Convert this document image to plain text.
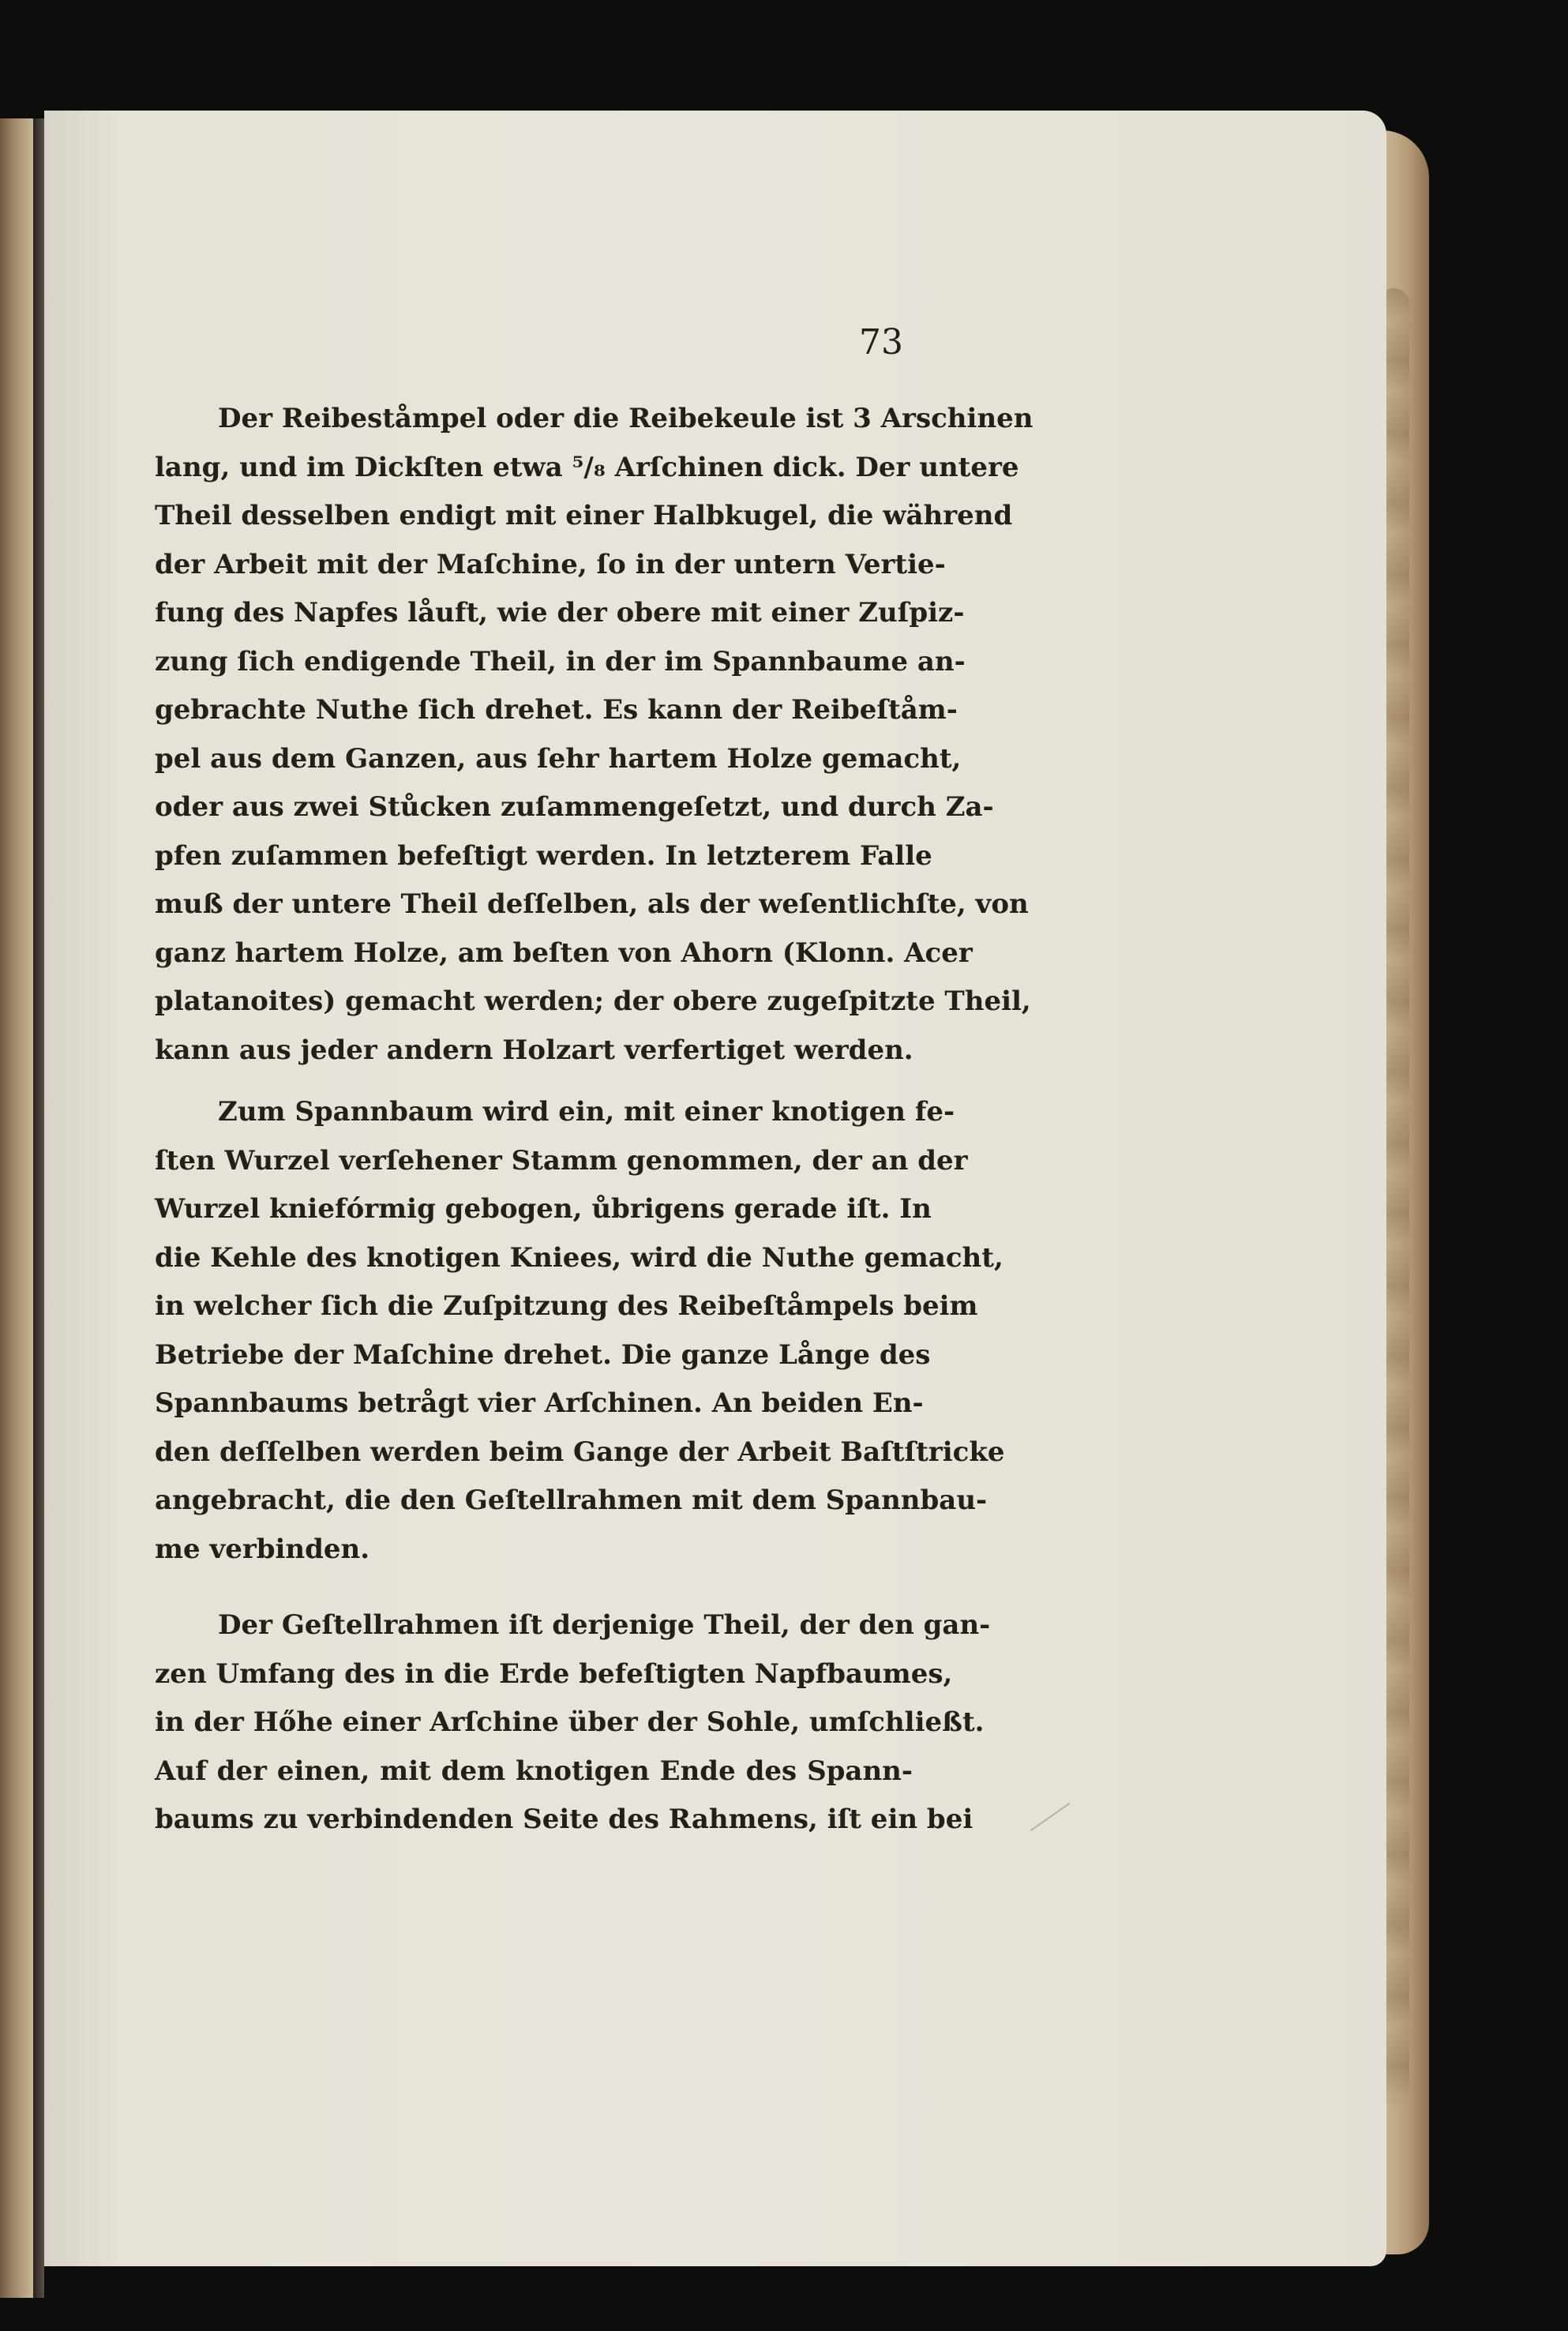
73
Der Reibeståmpel oder die Reibekeule ist 3 Arschinen
lang, und im Dickſten etwa ⁵/₈ Arſchinen dick. Der untere
Theil desselben endigt mit einer Halbkugel, die während
der Arbeit mit der Maſchine, ſo in der untern Vertie-
fung des Napfes låuft, wie der obere mit einer Zuſpiz-
zung ſich endigende Theil, in der im Spannbaume an-
gebrachte Nuthe ſich drehet. Es kann der Reibeſtåm-
pel aus dem Ganzen, aus ſehr hartem Holze gemacht,
oder aus zwei Stůcken zuſammengeſetzt, und durch Za-
pfen zuſammen befeſtigt werden. In letzterem Falle
muß der untere Theil deſſelben, als der weſentlichſte, von
ganz hartem Holze, am beſten von Ahorn (Klonn. Acer
platanoites) gemacht werden; der obere zugeſpitzte Theil,
kann aus jeder andern Holzart verfertiget werden.
Zum Spannbaum wird ein, mit einer knotigen fe-
ſten Wurzel verſehener Stamm genommen, der an der
Wurzel kniefórmig gebogen, ůbrigens gerade iſt. In
die Kehle des knotigen Kniees, wird die Nuthe gemacht,
in welcher ſich die Zuſpitzung des Reibeſtåmpels beim
Betriebe der Maſchine drehet. Die ganze Långe des
Spannbaums betrågt vier Arſchinen. An beiden En-
den deſſelben werden beim Gange der Arbeit Baſtſtricke
angebracht, die den Geſtellrahmen mit dem Spannbau-
me verbinden.
Der Geſtellrahmen iſt derjenige Theil, der den gan-
zen Umfang des in die Erde befeſtigten Napfbaumes,
in der Hőhe einer Arſchine über der Sohle, umſchließt.
Auf der einen, mit dem knotigen Ende des Spann-
baums zu verbindenden Seite des Rahmens, iſt ein bei
